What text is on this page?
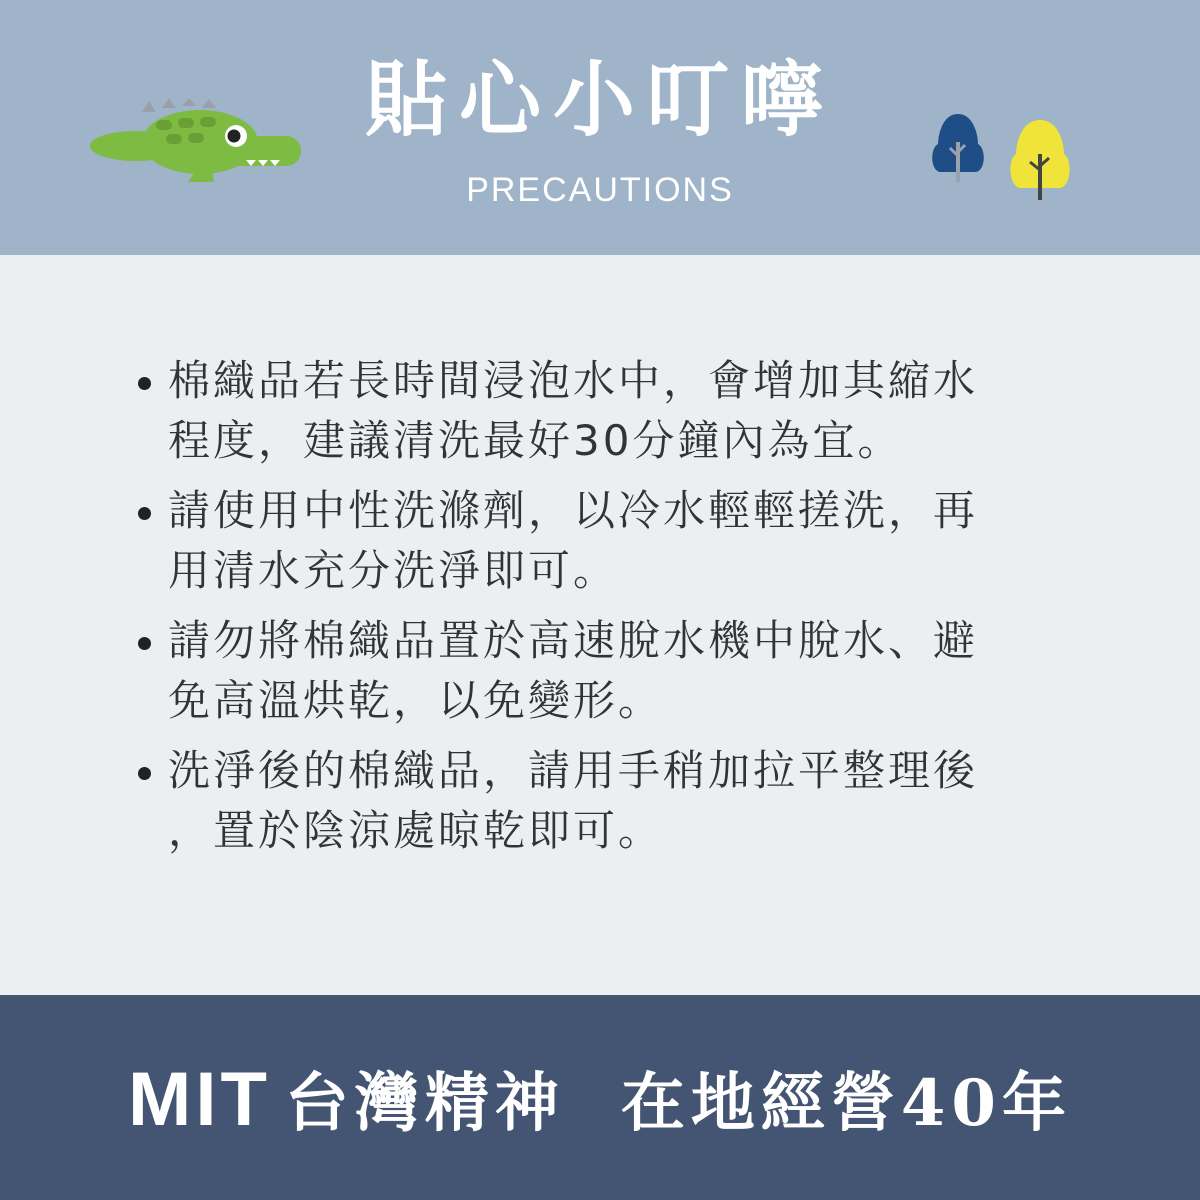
貼心小叮嚀
PRECAUTIONS
棉織品若長時間浸泡水中，會增加其縮水
程度，建議清洗最好30分鐘內為宜。
請使用中性洗滌劑，以冷水輕輕搓洗，再
用清水充分洗淨即可。
請勿將棉織品置於高速脫水機中脫水、避
免高溫烘乾，以免變形。
洗淨後的棉織品，請用手稍加拉平整理後
，置於陰涼處晾乾即可。
MIT 台灣精神 在地經營40年
